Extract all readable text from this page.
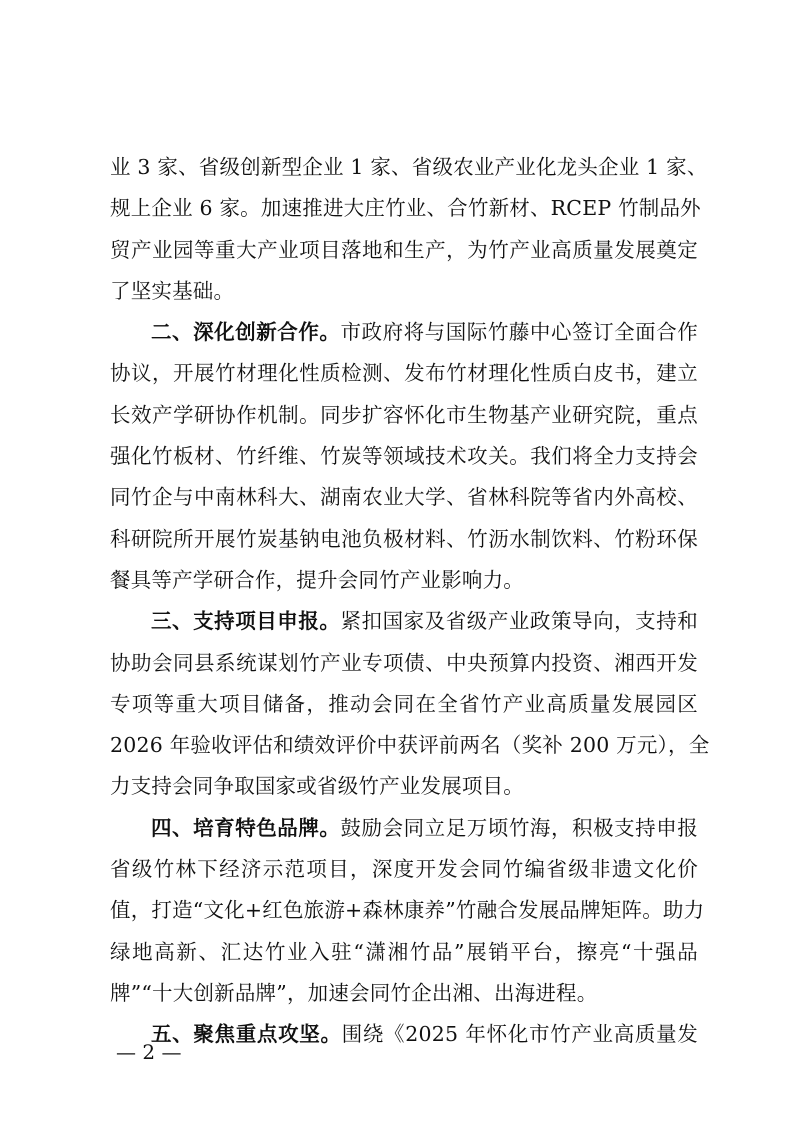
业 3 家、省级创新型企业 1 家、省级农业产业化龙头企业 1 家、
规上企业 6 家。加速推进大庄竹业、合竹新材、RCEP 竹制品外
贸产业园等重大产业项目落地和生产，为竹产业高质量发展奠定
了坚实基础。
二、深化创新合作。市政府将与国际竹藤中心签订全面合作
协议，开展竹材理化性质检测、发布竹材理化性质白皮书，建立
长效产学研协作机制。同步扩容怀化市生物基产业研究院，重点
强化竹板材、竹纤维、竹炭等领域技术攻关。我们将全力支持会
同竹企与中南林科大、湖南农业大学、省林科院等省内外高校、
科研院所开展竹炭基钠电池负极材料、竹沥水制饮料、竹粉环保
餐具等产学研合作，提升会同竹产业影响力。
三、支持项目申报。紧扣国家及省级产业政策导向，支持和
协助会同县系统谋划竹产业专项债、中央预算内投资、湘西开发
专项等重大项目储备，推动会同在全省竹产业高质量发展园区
2026 年验收评估和绩效评价中获评前两名（奖补 200 万元），全
力支持会同争取国家或省级竹产业发展项目。
四、培育特色品牌。鼓励会同立足万顷竹海，积极支持申报
省级竹林下经济示范项目，深度开发会同竹编省级非遗文化价
值，打造“文化+红色旅游+森林康养”竹融合发展品牌矩阵。助力
绿地高新、汇达竹业入驻“潇湘竹品”展销平台，擦亮“十强品
牌”“十大创新品牌”，加速会同竹企出湘、出海进程。
五、聚焦重点攻坚。围绕《2025 年怀化市竹产业高质量发
— 2 —
